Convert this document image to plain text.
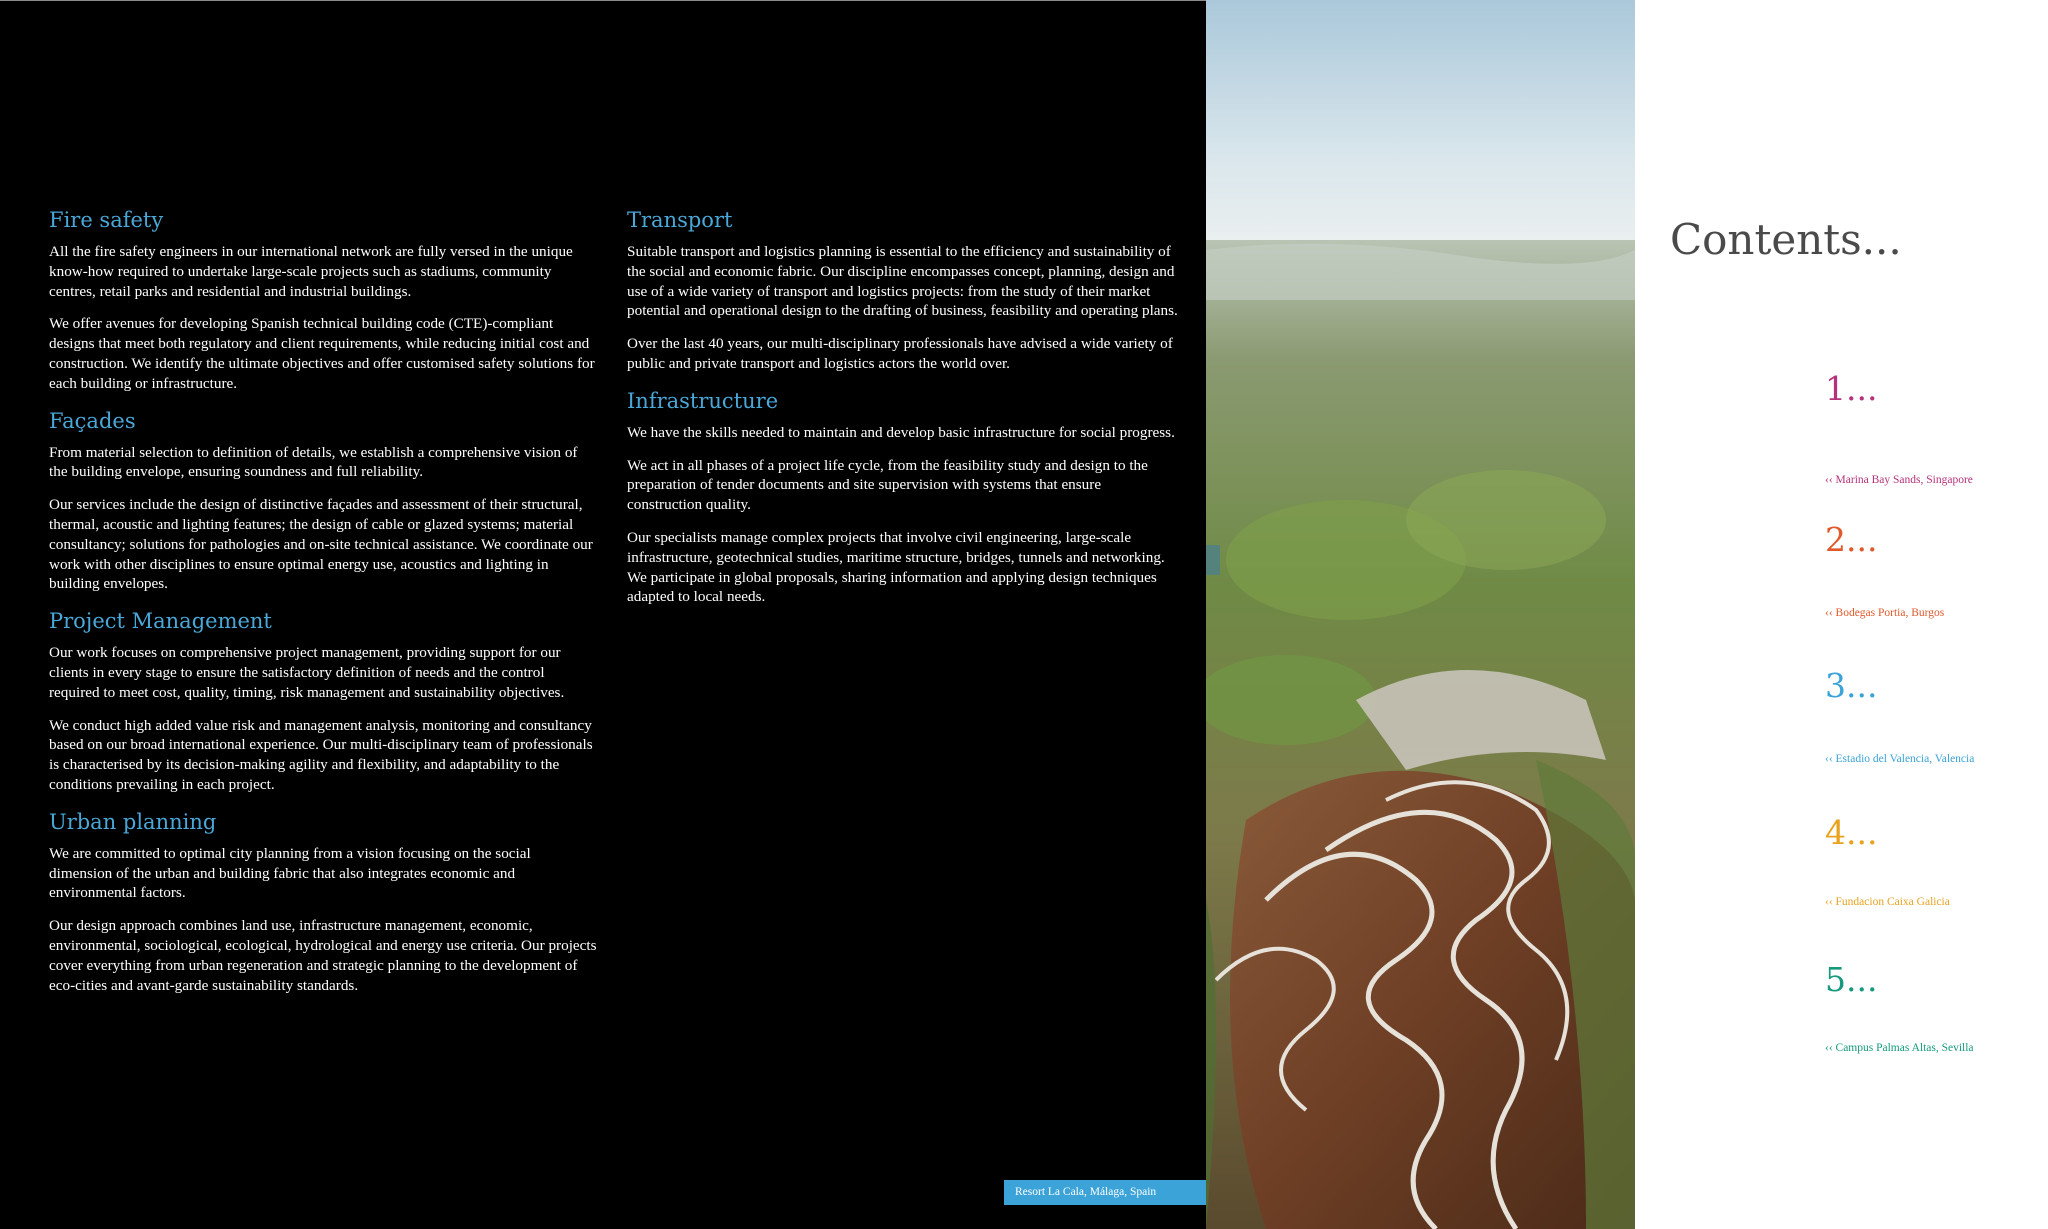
Fire safety

All the fire safety engineers in our international network are fully versed in the unique know-how required to undertake large-scale projects such as stadiums, community centres, retail parks and residential and industrial buildings.

We offer avenues for developing Spanish technical building code (CTE)-compliant designs that meet both regulatory and client requirements, while reducing initial cost and construction. We identify the ultimate objectives and offer customised safety solutions for each building or infrastructure.

Façades

From material selection to definition of details, we establish a comprehensive vision of the building envelope, ensuring soundness and full reliability.

Our services include the design of distinctive façades and assessment of their structural, thermal, acoustic and lighting features; the design of cable or glazed systems; material consultancy; solutions for pathologies and on-site technical assistance. We coordinate our work with other disciplines to ensure optimal energy use, acoustics and lighting in building envelopes.

Project Management

Our work focuses on comprehensive project management, providing support for our clients in every stage to ensure the satisfactory definition of needs and the control required to meet cost, quality, timing, risk management and sustainability objectives.

We conduct high added value risk and management analysis, monitoring and consultancy based on our broad international experience. Our multi-disciplinary team of professionals is characterised by its decision-making agility and flexibility, and adaptability to the conditions prevailing in each project.

Urban planning

We are committed to optimal city planning from a vision focusing on the social dimension of the urban and building fabric that also integrates economic and environmental factors.

Our design approach combines land use, infrastructure management, economic, environmental, sociological, ecological, hydrological and energy use criteria. Our projects cover everything from urban regeneration and strategic planning to the development of eco-cities and avant-garde sustainability standards.

Transport

Suitable transport and logistics planning is essential to the efficiency and sustainability of the social and economic fabric. Our discipline encompasses concept, planning, design and use of a wide variety of transport and logistics projects: from the study of their market potential and operational design to the drafting of business, feasibility and operating plans.

Over the last 40 years, our multi-disciplinary professionals have advised a wide variety of public and private transport and logistics actors the world over.

Infrastructure

We have the skills needed to maintain and develop basic infrastructure for social progress.

We act in all phases of a project life cycle, from the feasibility study and design to the preparation of tender documents and site supervision with systems that ensure construction quality.

Our specialists manage complex projects that involve civil engineering, large-scale infrastructure, geotechnical studies, maritime structure, bridges, tunnels and networking. We participate in global proposals, sharing information and applying design techniques adapted to local needs.

Resort La Cala, Málaga, Spain
Contents...
1...
‹‹ Marina Bay Sands, Singapore
2...
‹‹ Bodegas Portia, Burgos
3...
‹‹ Estadio del Valencia, Valencia
4...
‹‹ Fundacion Caixa Galicia
5...
‹‹ Campus Palmas Altas, Sevilla
